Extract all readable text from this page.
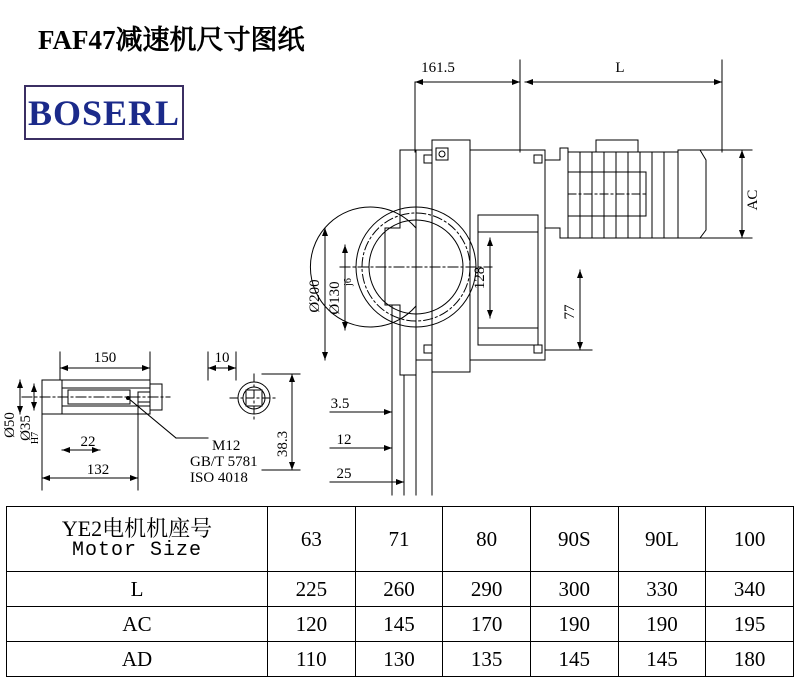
FAF47减速机尺寸图纸
BOSERL
161.5	L
AC
128
77
Ø200 Ø130 j6
3.5
12
25
150	10
22
132
Ø50 Ø35
H7	38.3
M12
GB/T 5781
ISO 4018
YE2电机机座号
Motor Size	63	71	80	90S	90L	100
L	225	260	290	300	330	340
AC	120	145	170	190	190	195
AD	110	130	135	145	145	180
